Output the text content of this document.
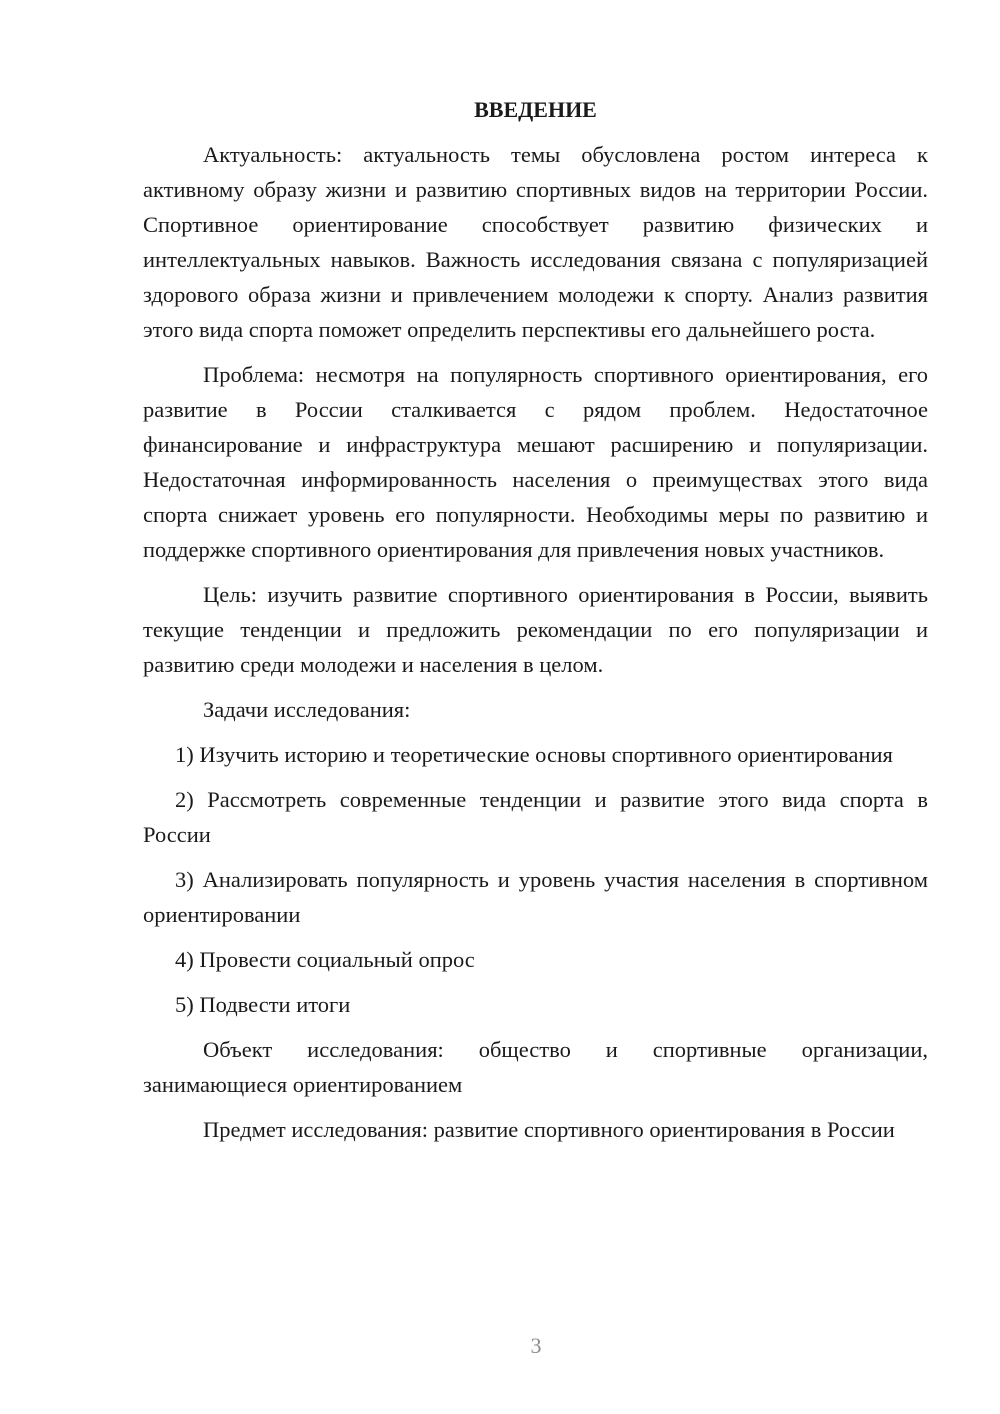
ВВЕДЕНИЕ
Актуальность: актуальность темы обусловлена ростом интереса к активному образу жизни и развитию спортивных видов на территории России. Спортивное ориентирование способствует развитию физических и интеллектуальных навыков. Важность исследования связана с популяризацией здорового образа жизни и привлечением молодежи к спорту. Анализ развития этого вида спорта поможет определить перспективы его дальнейшего роста.
Проблема: несмотря на популярность спортивного ориентирования, его развитие в России сталкивается с рядом проблем. Недостаточное финансирование и инфраструктура мешают расширению и популяризации. Недостаточная информированность населения о преимуществах этого вида спорта снижает уровень его популярности. Необходимы меры по развитию и поддержке спортивного ориентирования для привлечения новых участников.
Цель: изучить развитие спортивного ориентирования в России, выявить текущие тенденции и предложить рекомендации по его популяризации и развитию среди молодежи и населения в целом.
Задачи исследования:
1) Изучить историю и теоретические основы спортивного ориентирования
2) Рассмотреть современные тенденции и развитие этого вида спорта в России
3) Анализировать популярность и уровень участия населения в спортивном ориентировании
4) Провести социальный опрос
5) Подвести итоги
Объект исследования: общество и спортивные организации, занимающиеся ориентированием
Предмет исследования: развитие спортивного ориентирования в России
3
